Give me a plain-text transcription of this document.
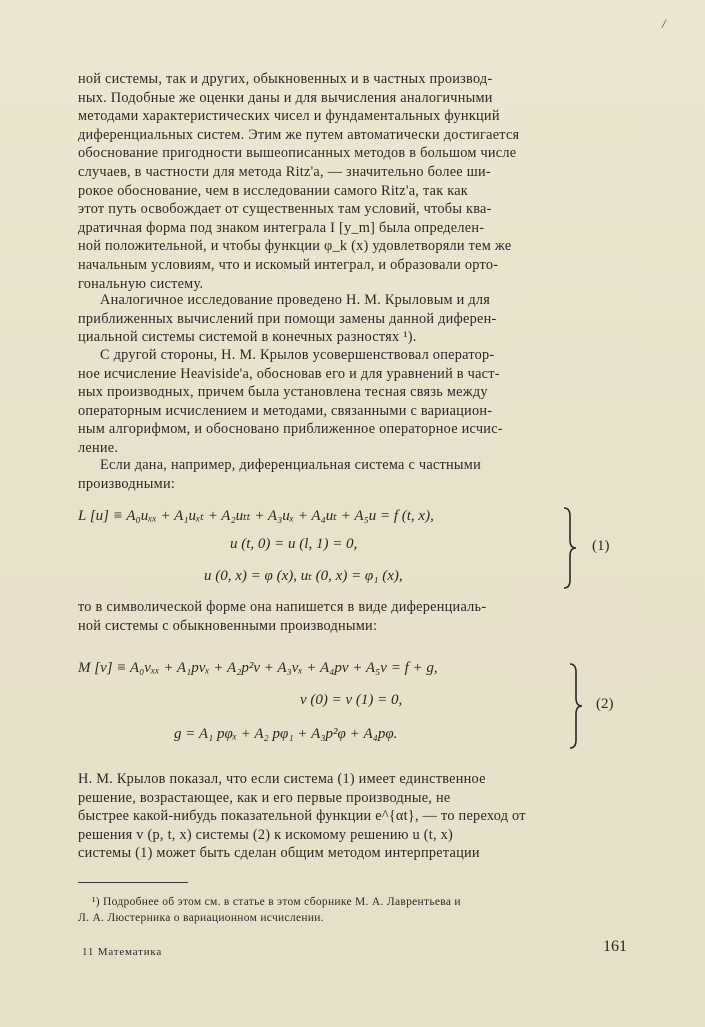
/

ной системы, так и других, обыкновенных и в частных производ-

ных. Подобные же оценки даны и для вычисления аналогичными

методами характеристических чисел и фундаментальных функций

диференциальных систем. Этим же путем автоматически достигается

обоснование пригодности вышеописанных методов в большом числе

случаев, в частности для метода Ritz'a, — значительно более ши-

рокое обоснование, чем в исследовании самого Ritz'a, так как

этот путь освобождает от существенных там условий, чтобы ква-

дратичная форма под знаком интеграла I [y_m] была определен-

ной положительной, и чтобы функции φ_k (x) удовлетворяли тем же

начальным условиям, что и искомый интеграл, и образовали орто-

гональную систему.

Аналогичное исследование проведено Н. М. Крыловым и для

приближенных вычислений при помощи замены данной диферен-

циальной системы системой в конечных разностях ¹).

С другой стороны, Н. М. Крылов усовершенствовал оператор-

ное исчисление Heaviside'a, обосновав его и для уравнений в част-

ных производных, причем была установлена тесная связь между

операторным исчислением и методами, связанными с вариацион-

ным алгорифмом, и обосновано приближенное операторное исчис-

ление.

Если дана, например, диференциальная система с частными

производными:

L [u] ≡ A₀uₓₓ + A₁uₓₜ + A₂uₜₜ + A₃uₓ + A₄uₜ + A₅u = f (t, x),
u (t, 0) = u (l, 1) = 0,
u (0, x) = φ (x), uₜ (0, x) = φ₁ (x),
(1)

то в символической форме она напишется в виде диференциаль-

ной системы с обыкновенными производными:

M [v] ≡ A₀vₓₓ + A₁pvₓ + A₂p²v + A₃vₓ + A₄pv + A₅v = f + g,
v (0) = v (1) = 0,
g = A₁ pφₓ + A₂ pφ₁ + A₃p²φ + A₄pφ.
(2)

Н. М. Крылов показал, что если система (1) имеет единственное

решение, возрастающее, как и его первые производные, не

быстрее какой-нибудь показательной функции e^{αt}, — то переход от

решения v (p, t, x) системы (2) к искомому решению u (t, x)

системы (1) может быть сделан общим методом интерпретации

¹) Подробнее об этом см. в статье в этом сборнике М. А. Лаврентьева и

Л. А. Люстерника о вариационном исчислении.

11 Математика	161
